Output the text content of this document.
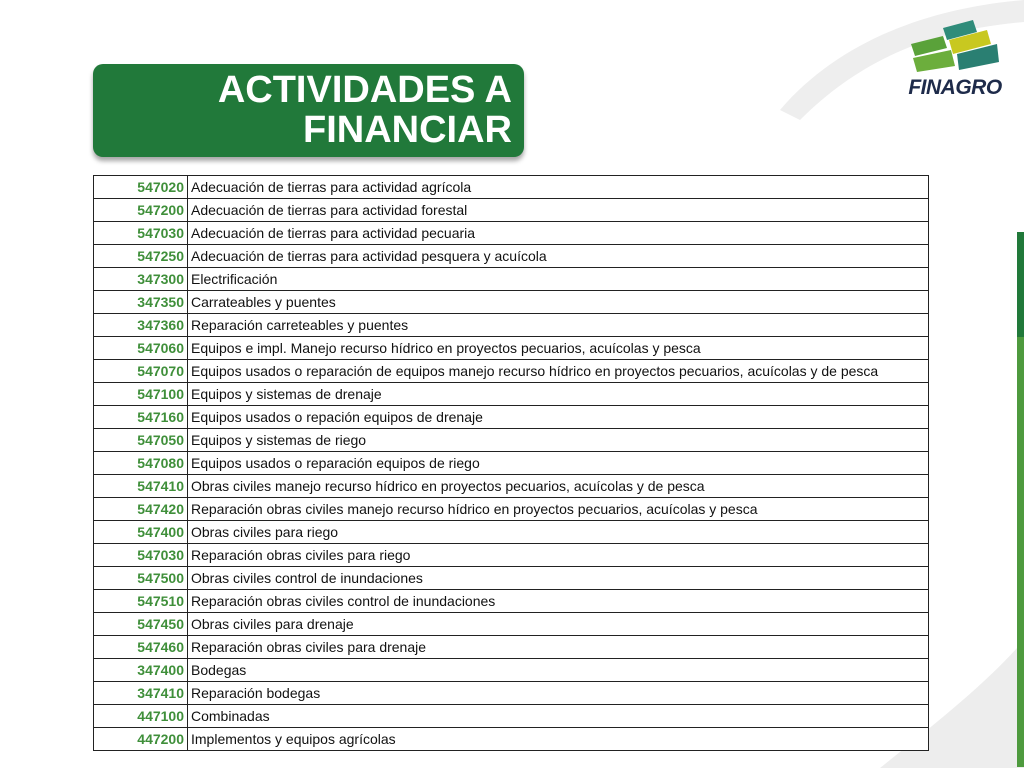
ACTIVIDADES A
FINANCIAR

FINAGRO
547020	Adecuación de tierras para actividad agrícola
547200	Adecuación de tierras para actividad forestal
547030	Adecuación de tierras para actividad pecuaria
547250	Adecuación de tierras para actividad pesquera y acuícola
347300	Electrificación
347350	Carrateables y puentes
347360	Reparación carreteables y puentes
547060	Equipos e impl. Manejo recurso hídrico en proyectos pecuarios, acuícolas y pesca
547070	Equipos usados o reparación de equipos manejo recurso hídrico en proyectos pecuarios, acuícolas y de pesca
547100	Equipos y sistemas de drenaje
547160	Equipos usados o repación equipos de drenaje
547050	Equipos y sistemas de riego
547080	Equipos usados o reparación equipos de riego
547410	Obras civiles manejo recurso hídrico en proyectos pecuarios, acuícolas y de pesca
547420	Reparación obras civiles manejo recurso hídrico en proyectos pecuarios, acuícolas y pesca
547400	Obras civiles para riego
547030	Reparación obras civiles para riego
547500	Obras civiles control de inundaciones
547510	Reparación obras civiles control de inundaciones
547450	Obras civiles para drenaje
547460	Reparación obras civiles para drenaje
347400	Bodegas
347410	Reparación bodegas
447100	Combinadas
447200	Implementos y equipos agrícolas
